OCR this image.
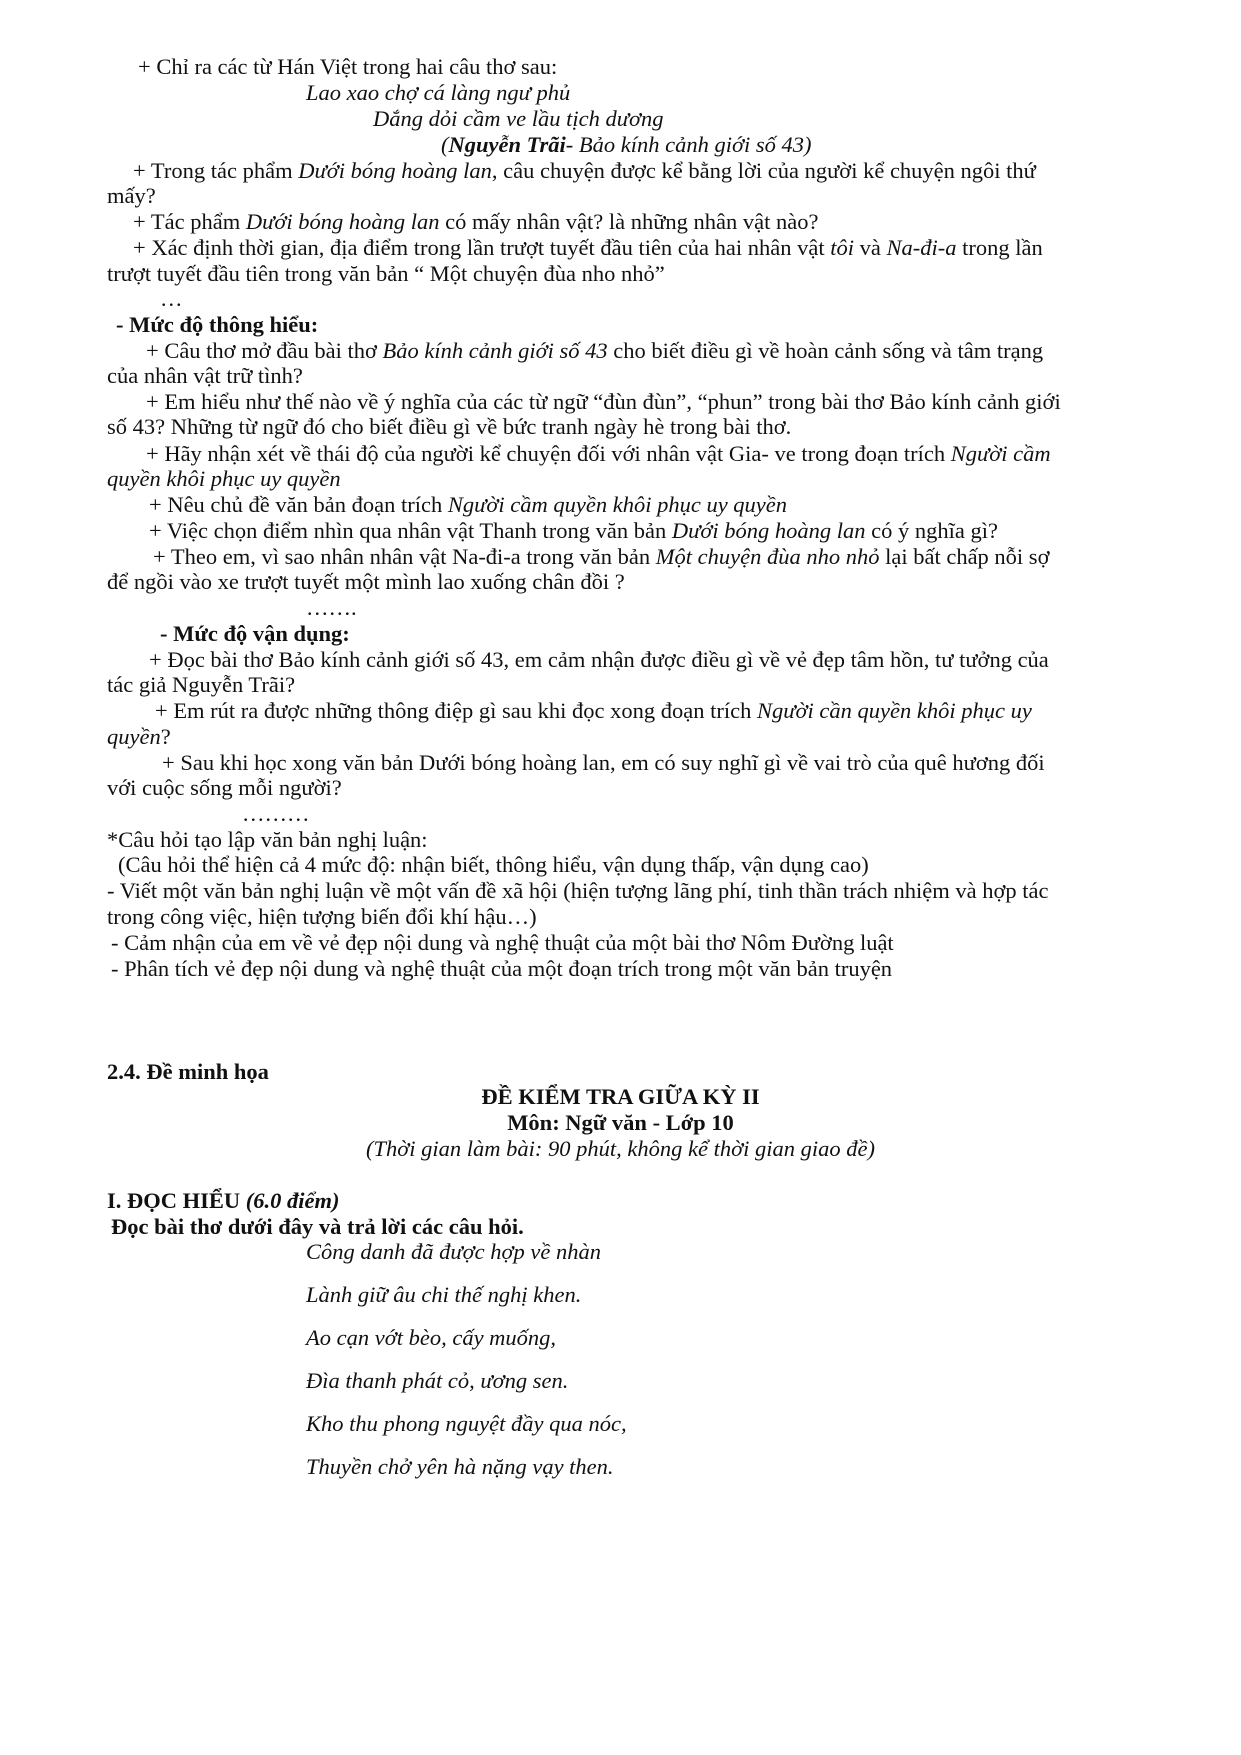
+ Chỉ ra các từ Hán Việt trong hai câu thơ sau:
Lao xao chợ cá làng ngư phủ
Dắng dỏi cầm ve lầu tịch dương
(Nguyễn Trãi- Bảo kính cảnh giới số 43)
+ Trong tác phẩm Dưới bóng hoàng lan, câu chuyện được kể bằng lời của người kể chuyện ngôi thứ
mấy?
+ Tác phẩm Dưới bóng hoàng lan có mấy nhân vật? là những nhân vật nào?
+ Xác định thời gian, địa điểm trong lần trượt tuyết đầu tiên của hai nhân vật tôi và Na-đi-a trong lần
trượt tuyết đầu tiên trong văn bản “ Một chuyện đùa nho nhỏ”
…
- Mức độ thông hiểu:
+ Câu thơ mở đầu bài thơ Bảo kính cảnh giới số 43 cho biết điều gì về hoàn cảnh sống và tâm trạng
của nhân vật trữ tình?
+ Em hiểu như thế nào về ý nghĩa của các từ ngữ “đùn đùn”, “phun” trong bài thơ Bảo kính cảnh giới
số 43? Những từ ngữ đó cho biết điều gì về bức tranh ngày hè trong bài thơ.
+ Hãy nhận xét về thái độ của người kể chuyện đối với nhân vật Gia- ve trong đoạn trích Người cầm
quyền khôi phục uy quyền
+ Nêu chủ đề văn bản đoạn trích Người cầm quyền khôi phục uy quyền
+ Việc chọn điểm nhìn qua nhân vật Thanh trong văn bản Dưới bóng hoàng lan có ý nghĩa gì?
+ Theo em, vì sao nhân nhân vật Na-đi-a trong văn bản Một chuyện đùa nho nhỏ lại bất chấp nỗi sợ
để ngồi vào xe trượt tuyết một mình lao xuống chân đồi ?
…….
- Mức độ vận dụng:
+ Đọc bài thơ Bảo kính cảnh giới số 43, em cảm nhận được điều gì về vẻ đẹp tâm hồn, tư tưởng của
tác giả Nguyễn Trãi?
+ Em rút ra được những thông điệp gì sau khi đọc xong đoạn trích Người cần quyền khôi phục uy
quyền?
+ Sau khi học xong văn bản Dưới bóng hoàng lan, em có suy nghĩ gì về vai trò của quê hương đối
với cuộc sống mỗi người?
………
*Câu hỏi tạo lập văn bản nghị luận:
(Câu hỏi thể hiện cả 4 mức độ: nhận biết, thông hiểu, vận dụng thấp, vận dụng cao)
- Viết một văn bản nghị luận về một vấn đề xã hội (hiện tượng lãng phí, tinh thần trách nhiệm và hợp tác
trong công việc, hiện tượng biến đổi khí hậu…)
- Cảm nhận của em về vẻ đẹp nội dung và nghệ thuật của một bài thơ Nôm Đường luật
- Phân tích vẻ đẹp nội dung và nghệ thuật của một đoạn trích trong một văn bản truyện
2.4. Đề minh họa
ĐỀ KIỂM TRA GIỮA KỲ II
Môn: Ngữ văn - Lớp 10
(Thời gian làm bài: 90 phút, không kể thời gian giao đề)
I. ĐỌC HIỂU (6.0 điểm)
Đọc bài thơ dưới đây và trả lời các câu hỏi.
Công danh đã được hợp về nhàn
Lành giữ âu chi thế nghị khen.
Ao cạn vớt bèo, cấy muống,
Đìa thanh phát cỏ, ương sen.
Kho thu phong nguyệt đầy qua nóc,
Thuyền chở yên hà nặng vạy then.
